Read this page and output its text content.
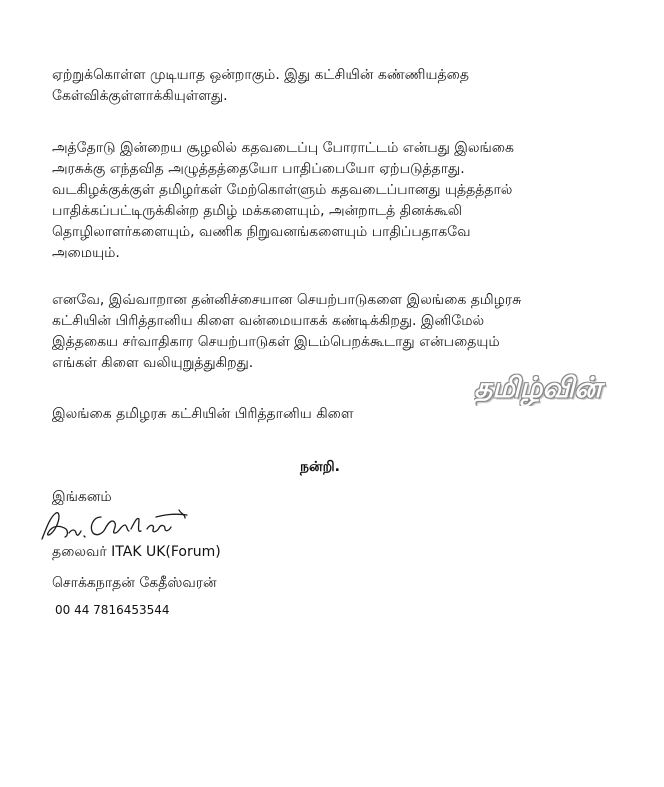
ஏற்றுக்கொள்ள முடியாத ஒன்றாகும். இது கட்சியின் கண்ணியத்தை
கேள்விக்குள்ளாக்கியுள்ளது.
அத்தோடு இன்றைய சூழலில் கதவடைப்பு போராட்டம் என்பது இலங்கை
அரசுக்கு எந்தவித அழுத்தத்தையோ பாதிப்பையோ ஏற்படுத்தாது.
வடகிழக்குக்குள் தமிழர்கள் மேற்கொள்ளும் கதவடைப்பானது யுத்தத்தால்
பாதிக்கப்பட்டிருக்கின்ற தமிழ் மக்களையும், அன்றாடத் தினக்கூலி
தொழிலாளர்களையும், வணிக நிறுவனங்களையும் பாதிப்பதாகவே
அமையும்.
எனவே, இவ்வாறான தன்னிச்சையான செயற்பாடுகளை இலங்கை தமிழரசு
கட்சியின் பிரித்தானிய கிளை வன்மையாகக் கண்டிக்கிறது. இனிமேல்
இத்தகைய சர்வாதிகார செயற்பாடுகள் இடம்பெறக்கூடாது என்பதையும்
எங்கள் கிளை வலியுறுத்துகிறது.
தமிழ்வின்
இலங்கை தமிழரசு கட்சியின் பிரித்தானிய கிளை
நன்றி.
இங்கனம்
தலைவர் ITAK UK(Forum)
சொக்கநாதன் கேதீஸ்வரன்
00 44 7816453544
